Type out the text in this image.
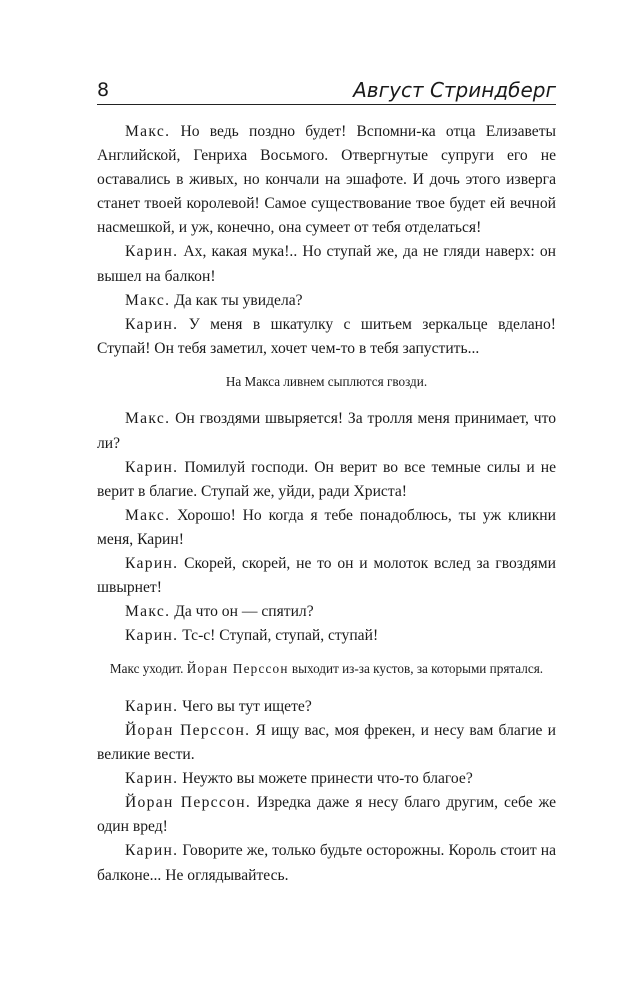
8	Август Стриндберг

Макс. Но ведь поздно будет! Вспомни-ка отца Елизаветы Английской, Генриха Восьмого. Отвергнутые супруги его не оставались в живых, но кончали на эшафоте. И дочь этого изверга станет твоей королевой! Самое существование твое будет ей вечной насмешкой, и уж, конечно, она сумеет от тебя отделаться!

Карин. Ах, какая мука!.. Но ступай же, да не гляди наверх: он вышел на балкон!

Макс. Да как ты увидела?

Карин. У меня в шкатулку с шитьем зеркальце вделано! Ступай! Он тебя заметил, хочет чем-то в тебя запустить...

На Макса ливнем сыплются гвозди.

Макс. Он гвоздями швыряется! За тролля меня принимает, что ли?

Карин. Помилуй господи. Он верит во все темные силы и не верит в благие. Ступай же, уйди, ради Христа!

Макс. Хорошо! Но когда я тебе понадоблюсь, ты уж кликни меня, Карин!

Карин. Скорей, скорей, не то он и молоток вслед за гвоздями швырнет!

Макс. Да что он — спятил?

Карин. Тс-с! Ступай, ступай, ступай!

Макс уходит. Йоран Перссон выходит из-за кустов, за которыми прятался.

Карин. Чего вы тут ищете?

Йоран Перссон. Я ищу вас, моя фрекен, и несу вам благие и великие вести.

Карин. Неужто вы можете принести что-то благое?

Йоран Перссон. Изредка даже я несу благо другим, себе же один вред!

Карин. Говорите же, только будьте осторожны. Король стоит на балконе... Не оглядывайтесь.
